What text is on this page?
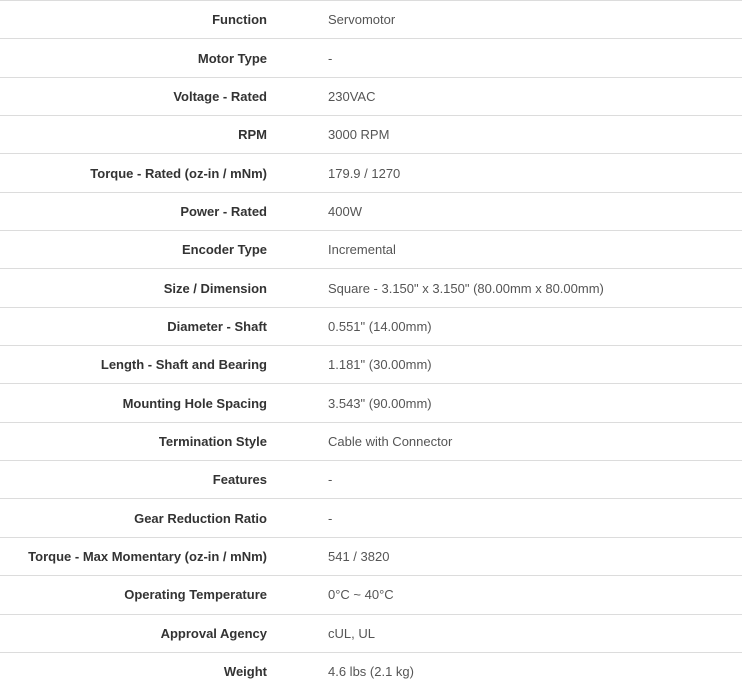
Function	Servomotor
Motor Type	-
Voltage - Rated	230VAC
RPM	3000 RPM
Torque - Rated (oz-in / mNm)	179.9 / 1270
Power - Rated	400W
Encoder Type	Incremental
Size / Dimension	Square - 3.150" x 3.150" (80.00mm x 80.00mm)
Diameter - Shaft	0.551" (14.00mm)
Length - Shaft and Bearing	1.181" (30.00mm)
Mounting Hole Spacing	3.543" (90.00mm)
Termination Style	Cable with Connector
Features	-
Gear Reduction Ratio	-
Torque - Max Momentary (oz-in / mNm)	541 / 3820
Operating Temperature	0°C ~ 40°C
Approval Agency	cUL, UL
Weight	4.6 lbs (2.1 kg)
